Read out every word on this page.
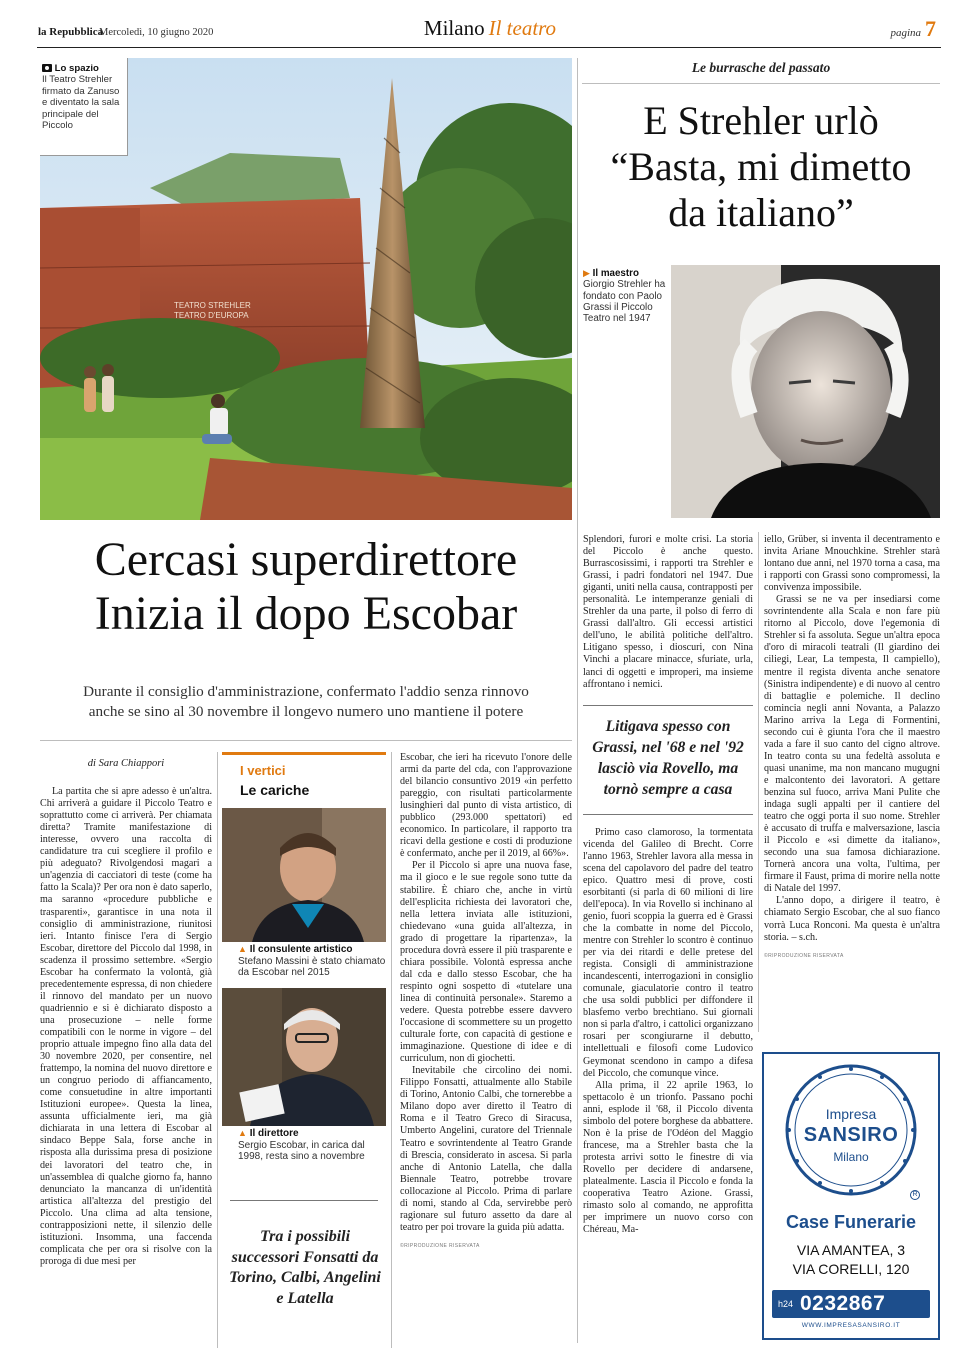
la Repubblica
Mercoledì, 10 giugno 2020	Milano Il teatro	pagina 7
TEATRO STREHLER
TEATRO D'EUROPA
Lo spazio
Il Teatro Strehler firmato da Zanuso e diventato la sala principale del Piccolo
Cercasi superdirettore
Inizia il dopo Escobar
Durante il consiglio d'amministrazione, confermato l'addio senza rinnovo
anche se sino al 30 novembre il longevo numero uno mantiene il potere

di Sara Chiappori

La partita che si apre adesso è un'altra. Chi arriverà a guidare il Piccolo Teatro e soprattutto come ci arriverà. Per chiamata diretta? Tramite manifestazione di interesse, ovvero una raccolta di candidature tra cui scegliere il profilo e più adeguato? Rivolgendosi magari a un'agenzia di cacciatori di teste (come ha fatto la Scala)? Per ora non è dato saperlo, ma saranno «procedure pubbliche e trasparenti», garantisce in una nota il consiglio di amministrazione, riunitosi ieri. Intanto finisce l'era di Sergio Escobar, direttore del Piccolo dal 1998, in scadenza il prossimo settembre. «Sergio Escobar ha confermato la volontà, già precedentemente espressa, di non chiedere il rinnovo del mandato per un nuovo quadriennio e si è dichiarato disposto a una prosecuzione – nelle forme compatibili con le norme in vigore – del proprio attuale impegno fino alla data del 30 novembre 2020, per consentire, nel frattempo, la nomina del nuovo direttore e un congruo periodo di affiancamento, come consuetudine in altre importanti Istituzioni europee». Questa la linea, assunta ufficialmente ieri, ma già dichiarata in una lettera di Escobar al sindaco Beppe Sala, forse anche in risposta alla durissima presa di posizione dei lavoratori del teatro che, in un'assemblea di qualche giorno fa, hanno denunciato la mancanza di un'identità artistica all'altezza del prestigio del Piccolo. Una clima ad alta tensione, contrapposizioni nette, il silenzio delle istituzioni. Insomma, una faccenda complicata che per ora si risolve con la proroga di due mesi per

I vertici
Le cariche
▲ Il consulente artistico
Stefano Massini è stato chiamato da Escobar nel 2015
▲ Il direttore
Sergio Escobar, in carica dal 1998, resta sino a novembre
Tra i possibili successori Fonsatti da Torino, Calbi, Angelini e Latella

Escobar, che ieri ha ricevuto l'onore delle armi da parte del cda, con l'approvazione del bilancio consuntivo 2019 «in perfetto pareggio, con risultati particolarmente lusinghieri dal punto di vista artistico, di pubblico (293.000 spettatori) ed economico. In particolare, il rapporto tra ricavi della gestione e costi di produzione è confermato, anche per il 2019, al 66%».

Per il Piccolo si apre una nuova fase, ma il gioco e le sue regole sono tutte da stabilire. È chiaro che, anche in virtù dell'esplicita richiesta dei lavoratori che, nella lettera inviata alle istituzioni, chiedevano «una guida all'altezza, in grado di progettare la ripartenza», la procedura dovrà essere il più trasparente e chiara possibile. Volontà espressa anche dal cda e dallo stesso Escobar, che ha respinto ogni sospetto di «tutelare una linea di continuità personale». Staremo a vedere. Questa potrebbe essere davvero l'occasione di scommettere su un progetto culturale forte, con capacità di gestione e immaginazione. Questione di idee e di curriculum, non di giochetti.

Inevitabile che circolino dei nomi. Filippo Fonsatti, attualmente allo Stabile di Torino, Antonio Calbi, che tornerebbe a Milano dopo aver diretto il Teatro di Roma e il Teatro Greco di Siracusa, Umberto Angelini, curatore del Triennale Teatro e sovrintendente al Teatro Grande di Brescia, considerato in ascesa. Si parla anche di Antonio Latella, che dalla Biennale Teatro, potrebbe trovare collocazione al Piccolo. Prima di parlare di nomi, stando al Cda, servirebbe però ragionare sul futuro assetto da dare al teatro per poi trovare la guida più adatta.

©RIPRODUZIONE RISERVATA

Le burrasche del passato
E Strehler urlò
“Basta, mi dimetto
da italiano”
▶ Il maestro
Giorgio Strehler ha fondato con Paolo Grassi il Piccolo Teatro nel 1947

Splendori, furori e molte crisi. La storia del Piccolo è anche questo. Burrascosissimi, i rapporti tra Strehler e Grassi, i padri fondatori nel 1947. Due giganti, uniti nella causa, contrapposti per personalità. Le intemperanze geniali di Strehler da una parte, il polso di ferro di Grassi dall'altro. Gli eccessi artistici dell'uno, le abilità politiche dell'altro. Litigano spesso, i dioscuri, con Nina Vinchi a placare minacce, sfuriate, urla, lanci di oggetti e improperi, ma insieme affrontano i nemici.

Litigava spesso con Grassi, nel '68 e nel '92 lasciò via Rovello, ma tornò sempre a casa

Primo caso clamoroso, la tormentata vicenda del Galileo di Brecht. Corre l'anno 1963, Strehler lavora alla messa in scena del capolavoro del padre del teatro epico. Quattro mesi di prove, costi esorbitanti (si parla di 60 milioni di lire dell'epoca). In via Rovello si inchinano al genio, fuori scoppia la guerra ed è Grassi che la combatte in nome del Piccolo, mentre con Strehler lo scontro è continuo per via dei ritardi e delle pretese del regista. Consigli di amministrazione incandescenti, interrogazioni in consiglio comunale, giaculatorie contro il teatro che usa soldi pubblici per diffondere il blasfemo verbo brechtiano. Sui giornali non si parla d'altro, i cattolici organizzano rosari per scongiurarne il debutto, intellettuali e filosofi come Ludovico Geymonat scendono in campo a difesa del Piccolo, che comunque vince.

Alla prima, il 22 aprile 1963, lo spettacolo è un trionfo. Passano pochi anni, esplode il '68, il Piccolo diventa simbolo del potere borghese da abbattere. Non è la prise de l'Odéon del Maggio francese, ma a Strehler basta che la protesta arrivi sotto le finestre di via Rovello per decidere di andarsene, platealmente. Lascia il Piccolo e fonda la cooperativa Teatro Azione. Grassi, rimasto solo al comando, ne approfitta per imprimere un nuovo corso con Chéreau, Ma-

iello, Grüber, si inventa il decentramento e invita Ariane Mnouchkine. Strehler starà lontano due anni, nel 1970 torna a casa, ma i rapporti con Grassi sono compromessi, la convivenza impossibile.

Grassi se ne va per insediarsi come sovrintendente alla Scala e non fare più ritorno al Piccolo, dove l'egemonia di Strehler si fa assoluta. Segue un'altra epoca d'oro di miracoli teatrali (Il giardino dei ciliegi, Lear, La tempesta, Il campiello), mentre il regista diventa anche senatore (Sinistra indipendente) e di nuovo al centro di battaglie e polemiche. Il declino comincia negli anni Novanta, a Palazzo Marino arriva la Lega di Formentini, secondo cui è giunta l'ora che il maestro vada a fare il suo canto del cigno altrove. In teatro conta su una fedeltà assoluta e quasi unanime, ma non mancano mugugni e malcontento dei lavoratori. A gettare benzina sul fuoco, arriva Mani Pulite che indaga sugli appalti per il cantiere del teatro che oggi porta il suo nome. Strehler è accusato di truffa e malversazione, lascia il Piccolo e «si dimette da italiano», secondo una sua famosa dichiarazione. Tornerà ancora una volta, l'ultima, per firmare il Faust, prima di morire nella notte di Natale del 1997.

L'anno dopo, a dirigere il teatro, è chiamato Sergio Escobar, che al suo fianco vorrà Luca Ronconi. Ma questa è un'altra storia. – s.ch.

©RIPRODUZIONE RISERVATA

Impresa
SANSIRO
Milano
R
Case Funerarie
VIA AMANTEA, 3
VIA CORELLI, 120
h24 0232867
WWW.IMPRESASANSIRO.IT
